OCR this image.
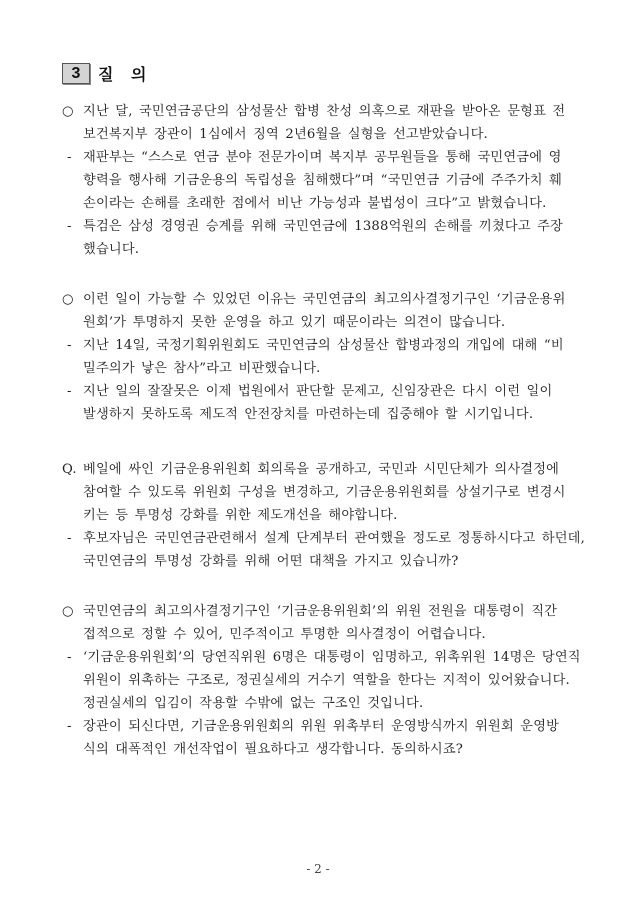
3	질 의
○ 지난 달, 국민연금공단의 삼성물산 합병 찬성 의혹으로 재판을 받아온 문형표 전
보건복지부 장관이 1심에서 징역 2년6월을 실형을 선고받았습니다.
- 재판부는 “스스로 연금 분야 전문가이며 복지부 공무원들을 통해 국민연금에 영
향력을 행사해 기금운용의 독립성을 침해했다”며 “국민연금 기금에 주주가치 훼
손이라는 손해를 초래한 점에서 비난 가능성과 불법성이 크다”고 밝혔습니다.
- 특검은 삼성 경영권 승계를 위해 국민연금에 1388억원의 손해를 끼쳤다고 주장
했습니다.
○ 이런 일이 가능할 수 있었던 이유는 국민연금의 최고의사결정기구인 ‘기금운용위
원회’가 투명하지 못한 운영을 하고 있기 때문이라는 의견이 많습니다.
- 지난 14일, 국정기획위원회도 국민연금의 삼성물산 합병과정의 개입에 대해 “비
밀주의가 낳은 참사”라고 비판했습니다.
- 지난 일의 잘잘못은 이제 법원에서 판단할 문제고, 신임장관은 다시 이런 일이
발생하지 못하도록 제도적 안전장치를 마련하는데 집중해야 할 시기입니다.
Q. 베일에 싸인 기금운용위원회 회의록을 공개하고, 국민과 시민단체가 의사결정에
참여할 수 있도록 위원회 구성을 변경하고, 기금운용위원회를 상설기구로 변경시
키는 등 투명성 강화를 위한 제도개선을 해야합니다.
- 후보자님은 국민연금관련해서 설계 단계부터 관여했을 정도로 정통하시다고 하던데,
국민연금의 투명성 강화를 위해 어떤 대책을 가지고 있습니까?
○ 국민연금의 최고의사결정기구인 ‘기금운용위원회’의 위원 전원을 대통령이 직간
접적으로 정할 수 있어, 민주적이고 투명한 의사결정이 어렵습니다.
- ‘기금운용위원회’의 당연직위원 6명은 대통령이 임명하고, 위촉위원 14명은 당연직
위원이 위촉하는 구조로, 정권실세의 거수기 역할을 한다는 지적이 있어왔습니다.
정권실세의 입김이 작용할 수밖에 없는 구조인 것입니다.
- 장관이 되신다면, 기금운용위원회의 위원 위촉부터 운영방식까지 위원회 운영방
식의 대폭적인 개선작업이 필요하다고 생각합니다. 동의하시죠?
- 2 -
